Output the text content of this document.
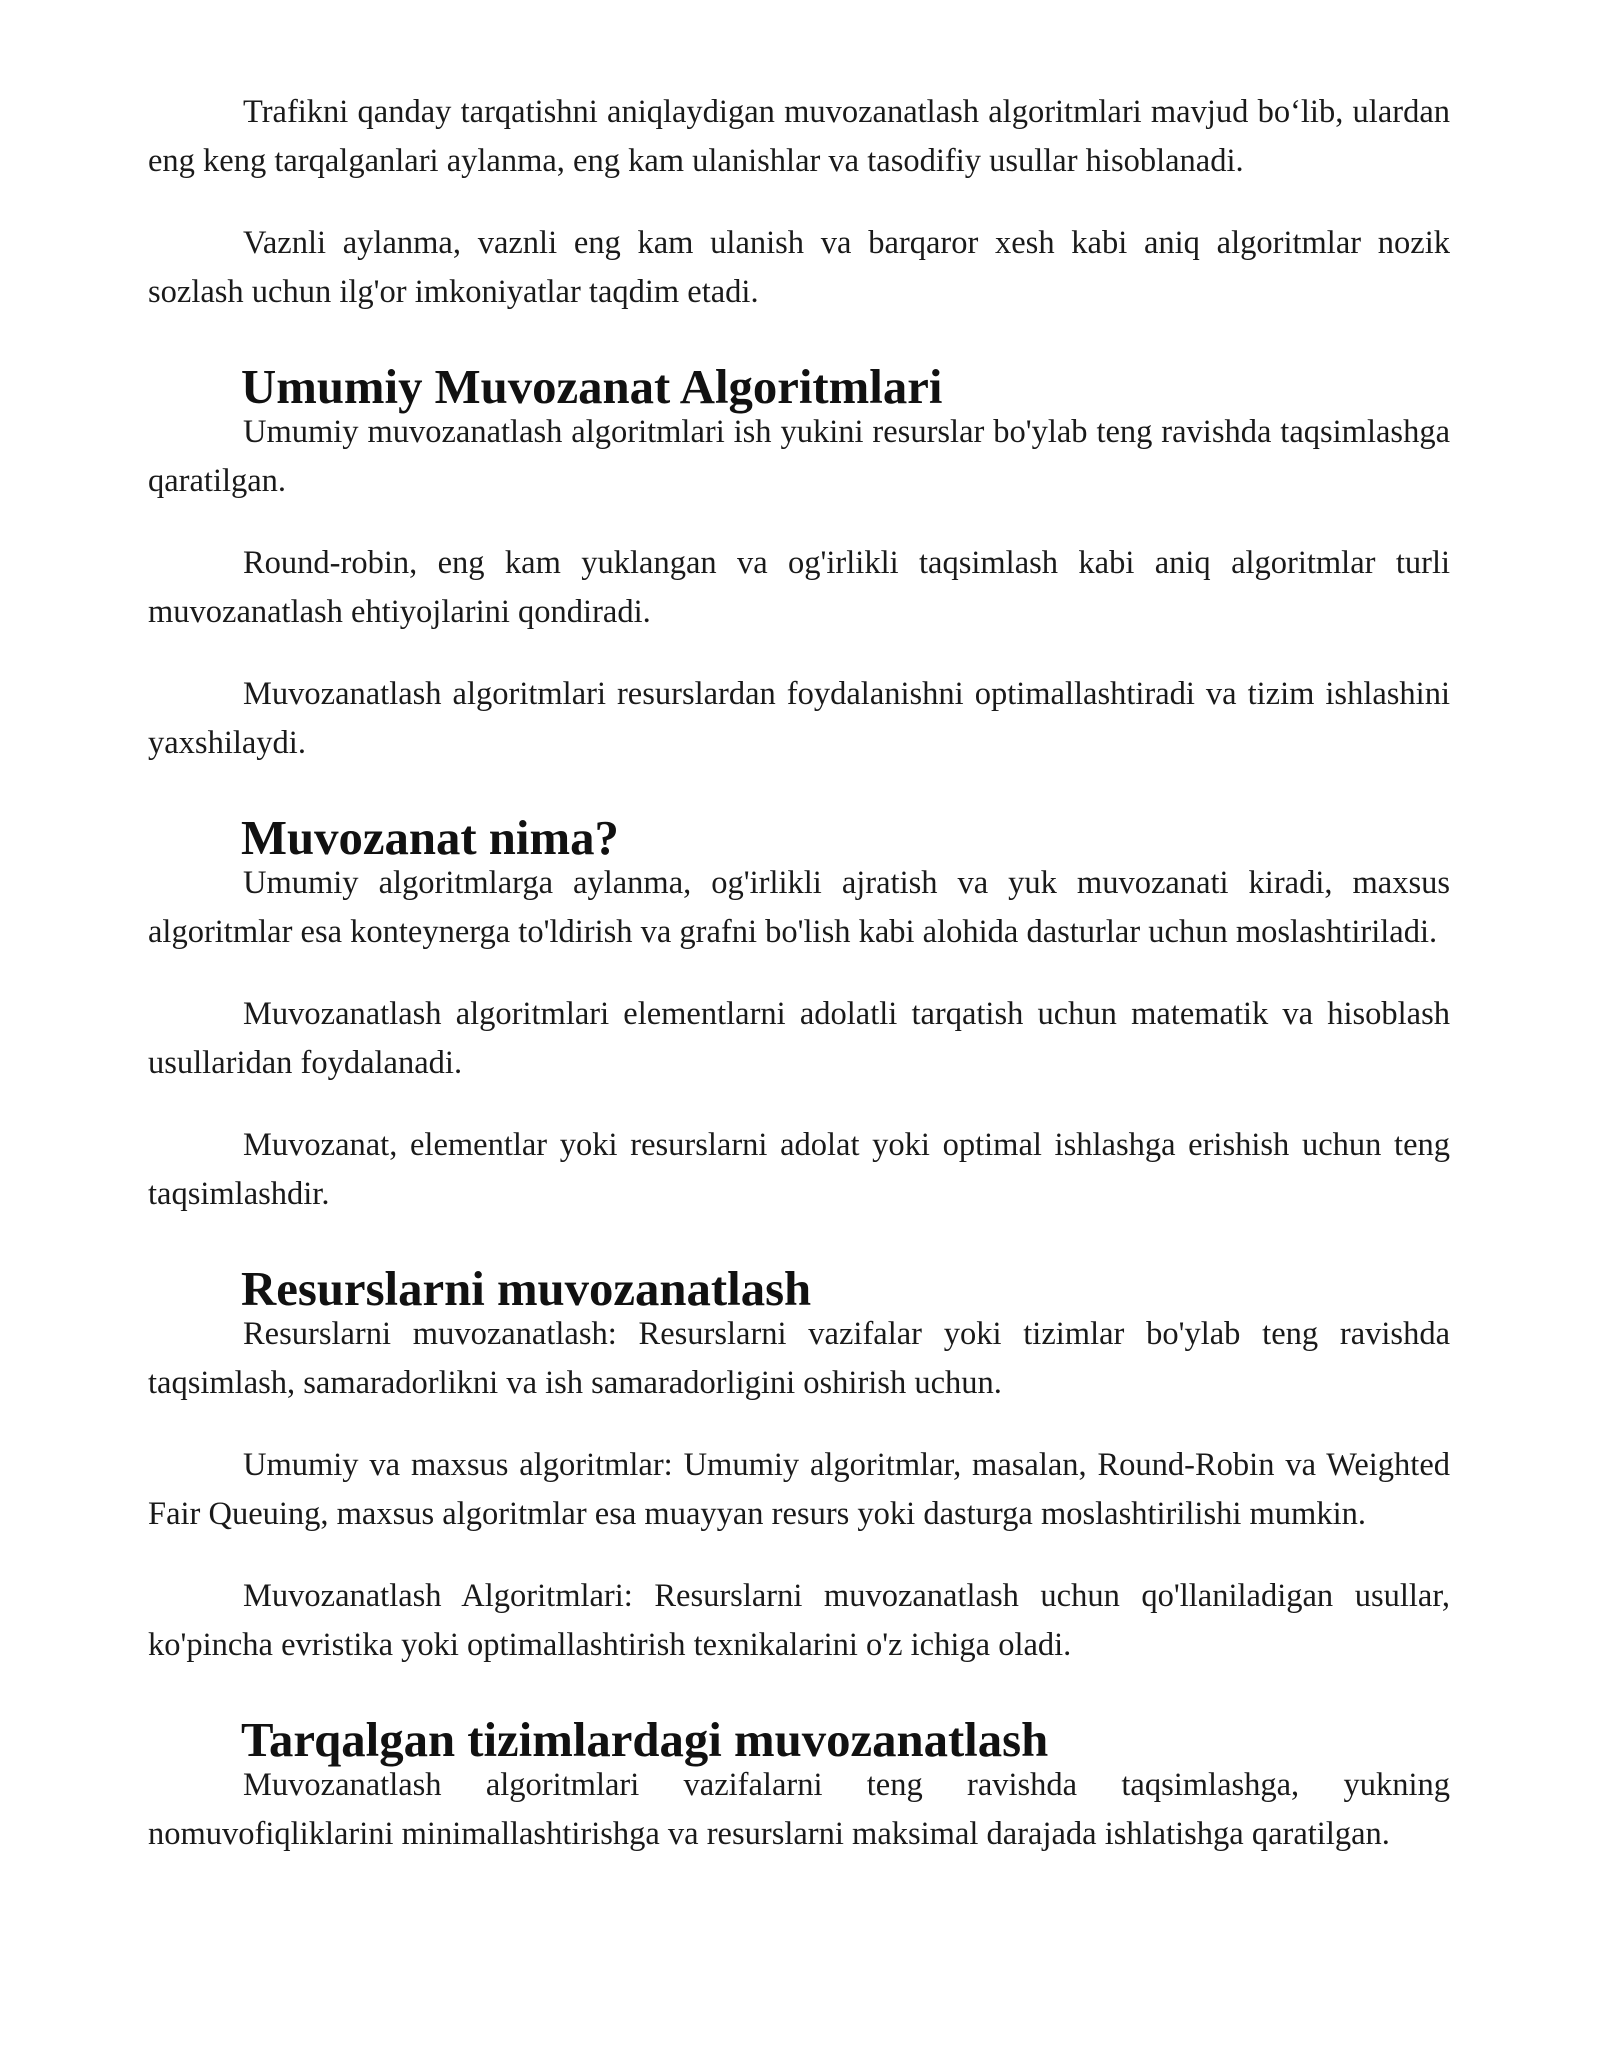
Trafikni qanday tarqatishni aniqlaydigan muvozanatlash algoritmlari mavjud bo‘lib, ulardan eng keng tarqalganlari aylanma, eng kam ulanishlar va tasodifiy usullar hisoblanadi.

Vaznli aylanma, vaznli eng kam ulanish va barqaror xesh kabi aniq algoritmlar nozik sozlash uchun ilg'or imkoniyatlar taqdim etadi.

Umumiy Muvozanat Algoritmlari

Umumiy muvozanatlash algoritmlari ish yukini resurslar bo'ylab teng ravishda taqsimlashga qaratilgan.

Round-robin, eng kam yuklangan va og'irlikli taqsimlash kabi aniq algoritmlar turli muvozanatlash ehtiyojlarini qondiradi.

Muvozanatlash algoritmlari resurslardan foydalanishni optimallashtiradi va tizim ishlashini yaxshilaydi.

Muvozanat nima?

Umumiy algoritmlarga aylanma, og'irlikli ajratish va yuk muvozanati kiradi, maxsus algoritmlar esa konteynerga to'ldirish va grafni bo'lish kabi alohida dasturlar uchun moslashtiriladi.

Muvozanatlash algoritmlari elementlarni adolatli tarqatish uchun matematik va hisoblash usullaridan foydalanadi.

Muvozanat, elementlar yoki resurslarni adolat yoki optimal ishlashga erishish uchun teng taqsimlashdir.

Resurslarni muvozanatlash

Resurslarni muvozanatlash: Resurslarni vazifalar yoki tizimlar bo'ylab teng ravishda taqsimlash, samaradorlikni va ish samaradorligini oshirish uchun.

Umumiy va maxsus algoritmlar: Umumiy algoritmlar, masalan, Round-Robin va Weighted Fair Queuing, maxsus algoritmlar esa muayyan resurs yoki dasturga moslashtirilishi mumkin.

Muvozanatlash Algoritmlari: Resurslarni muvozanatlash uchun qo'llaniladigan usullar, ko'pincha evristika yoki optimallashtirish texnikalarini o'z ichiga oladi.

Tarqalgan tizimlardagi muvozanatlash

Muvozanatlash algoritmlari vazifalarni teng ravishda taqsimlashga, yukning nomuvofiqliklarini minimallashtirishga va resurslarni maksimal darajada ishlatishga qaratilgan.
